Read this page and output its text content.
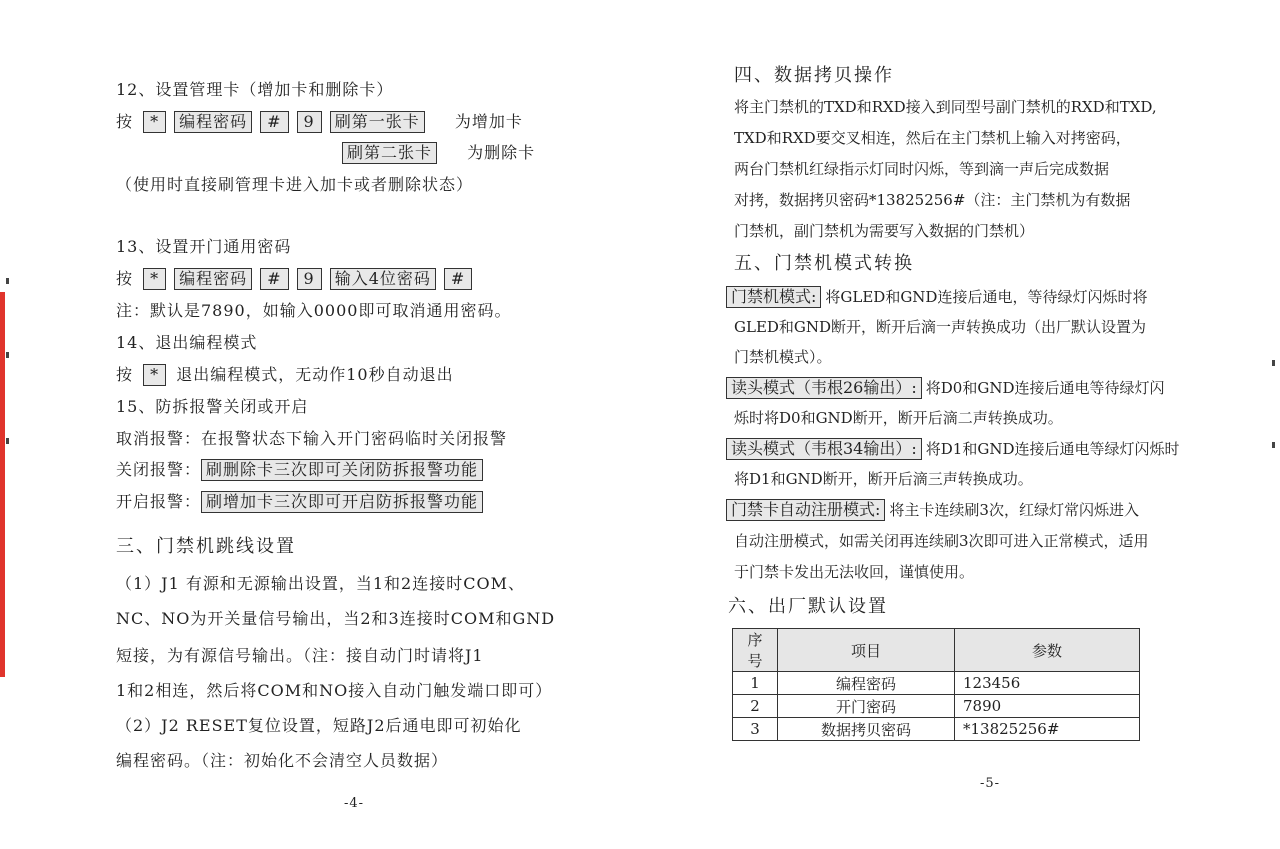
12、设置管理卡（增加卡和删除卡）
按 * 编程密码 # 9 刷第一张卡 为增加卡
刷第二张卡 为删除卡
（使用时直接刷管理卡进入加卡或者删除状态）
13、设置开门通用密码
按 * 编程密码 # 9 输入4位密码 #
注：默认是7890，如输入0000即可取消通用密码。
14、退出编程模式
按 * 退出编程模式，无动作10秒自动退出
15、防拆报警关闭或开启
取消报警：在报警状态下输入开门密码临时关闭报警
关闭报警： 刷删除卡三次即可关闭防拆报警功能
开启报警： 刷增加卡三次即可开启防拆报警功能
三、门禁机跳线设置
（1）J1 有源和无源输出设置，当1和2连接时COM、
NC、NO为开关量信号输出，当2和3连接时COM和GND
短接，为有源信号输出。（注：接自动门时请将J1
1和2相连，然后将COM和NO接入自动门触发端口即可）
（2）J2 RESET复位设置，短路J2后通电即可初始化
编程密码。（注：初始化不会清空人员数据）
-4-
四、数据拷贝操作
将主门禁机的TXD和RXD接入到同型号副门禁机的RXD和TXD,
TXD和RXD要交叉相连，然后在主门禁机上输入对拷密码，
两台门禁机红绿指示灯同时闪烁，等到滴一声后完成数据
对拷，数据拷贝密码*13825256#（注：主门禁机为有数据
门禁机，副门禁机为需要写入数据的门禁机）
五、门禁机模式转换
门禁机模式: 将GLED和GND连接后通电，等待绿灯闪烁时将
GLED和GND断开，断开后滴一声转换成功（出厂默认设置为
门禁机模式）。
读头模式（韦根26输出）: 将D0和GND连接后通电等待绿灯闪
烁时将D0和GND断开，断开后滴二声转换成功。
读头模式（韦根34输出）: 将D1和GND连接后通电等绿灯闪烁时
将D1和GND断开，断开后滴三声转换成功。
门禁卡自动注册模式: 将主卡连续刷3次，红绿灯常闪烁进入
自动注册模式，如需关闭再连续刷3次即可进入正常模式，适用
于门禁卡发出无法收回，谨慎使用。
六、出厂默认设置
序号	项目	参数
1	编程密码	123456
2	开门密码	7890
3	数据拷贝密码	*13825256#
-5-
